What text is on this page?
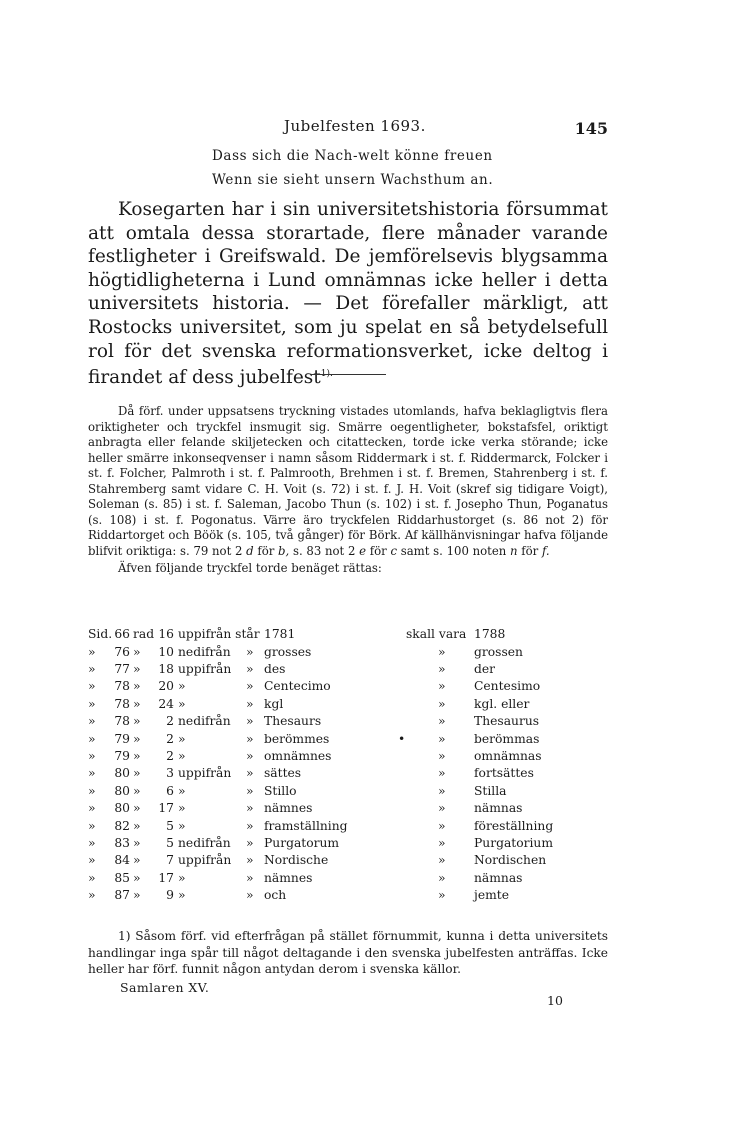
Jubelfesten 1693.	145
Dass sich die Nach-welt könne freuen
Wenn sie sieht unsern Wachsthum an.

Kosegarten har i sin universitetshistoria försummat att omtala dessa storartade, flere månader varande festligheter i Greifswald. De jemförelsevis blygsamma högtidligheterna i Lund omnämnas icke heller i detta universitets historia. — Det förefaller märkligt, att Rostocks universitet, som ju spelat en så betydelsefull rol för det svenska reformationsverket, icke deltog i firandet af dess jubelfest$^{1).}$

Då förf. under uppsatsens tryckning vistades utomlands, hafva beklagligtvis flera oriktigheter och tryckfel insmugit sig. Smärre oegentligheter, bokstafsfel, oriktigt anbragta eller felande skiljetecken och citattecken, torde icke verka störande; icke heller smärre inkonseqvenser i namn såsom Riddermark i st. f. Riddermarck, Folcker i st. f. Folcher, Palmroth i st. f. Palmrooth, Brehmen i st. f. Bremen, Stahrenberg i st. f. Stahremberg samt vidare C. H. Voit (s. 72) i st. f. J. H. Voit (skref sig tidigare Voigt), Soleman (s. 85) i st. f. Saleman, Jacobo Thun (s. 102) i st. f. Josepho Thun, Poganatus (s. 108) i st. f. Pogonatus. Värre äro tryckfelen Riddarhustorget (s. 86 not 2) för Riddartorget och Böök (s. 105, två gånger) för Börk. Af källhänvisningar hafva följande blifvit oriktiga: s. 79 not 2 d för b, s. 83 not 2 e för c samt s. 100 noten n för f.

Äfven följande tryckfel torde benäget rättas:

Sid. 66 rad 16 uppifrån står 1781	skall vara 1788
»	76 »	10 nedifrån » grosses	» grossen
»	77 »	18 uppifrån » des	» der
»	78 »	20 »	» Centecimo	» Centesimo
»	78 »	24 »	» kgl	» kgl. eller
»	78 »	2 nedifrån » Thesaurs	» Thesaurus
»	79 »	2 »	» berömmes	•	» berömmas
»	79 »	2 »	» omnämnes	» omnämnas
»	80 »	3 uppifrån » sättes	» fortsättes
»	80 »	6 »	» Stillo	» Stilla
»	80 »	17 »	» nämnes	» nämnas
»	82 »	5 »	» framställning	» föreställning
»	83 »	5 nedifrån » Purgatorum	» Purgatorium
»	84 »	7 uppifrån » Nordische	» Nordischen
»	85 »	17 »	» nämnes	» nämnas
»	87 »	9 »	» och	» jemte

1) Såsom förf. vid efterfrågan på stället förnummit, kunna i detta universitets handlingar inga spår till något deltagande i den svenska jubelfesten anträffas. Icke heller har förf. funnit någon antydan derom i svenska källor.

Samlaren XV.
10
